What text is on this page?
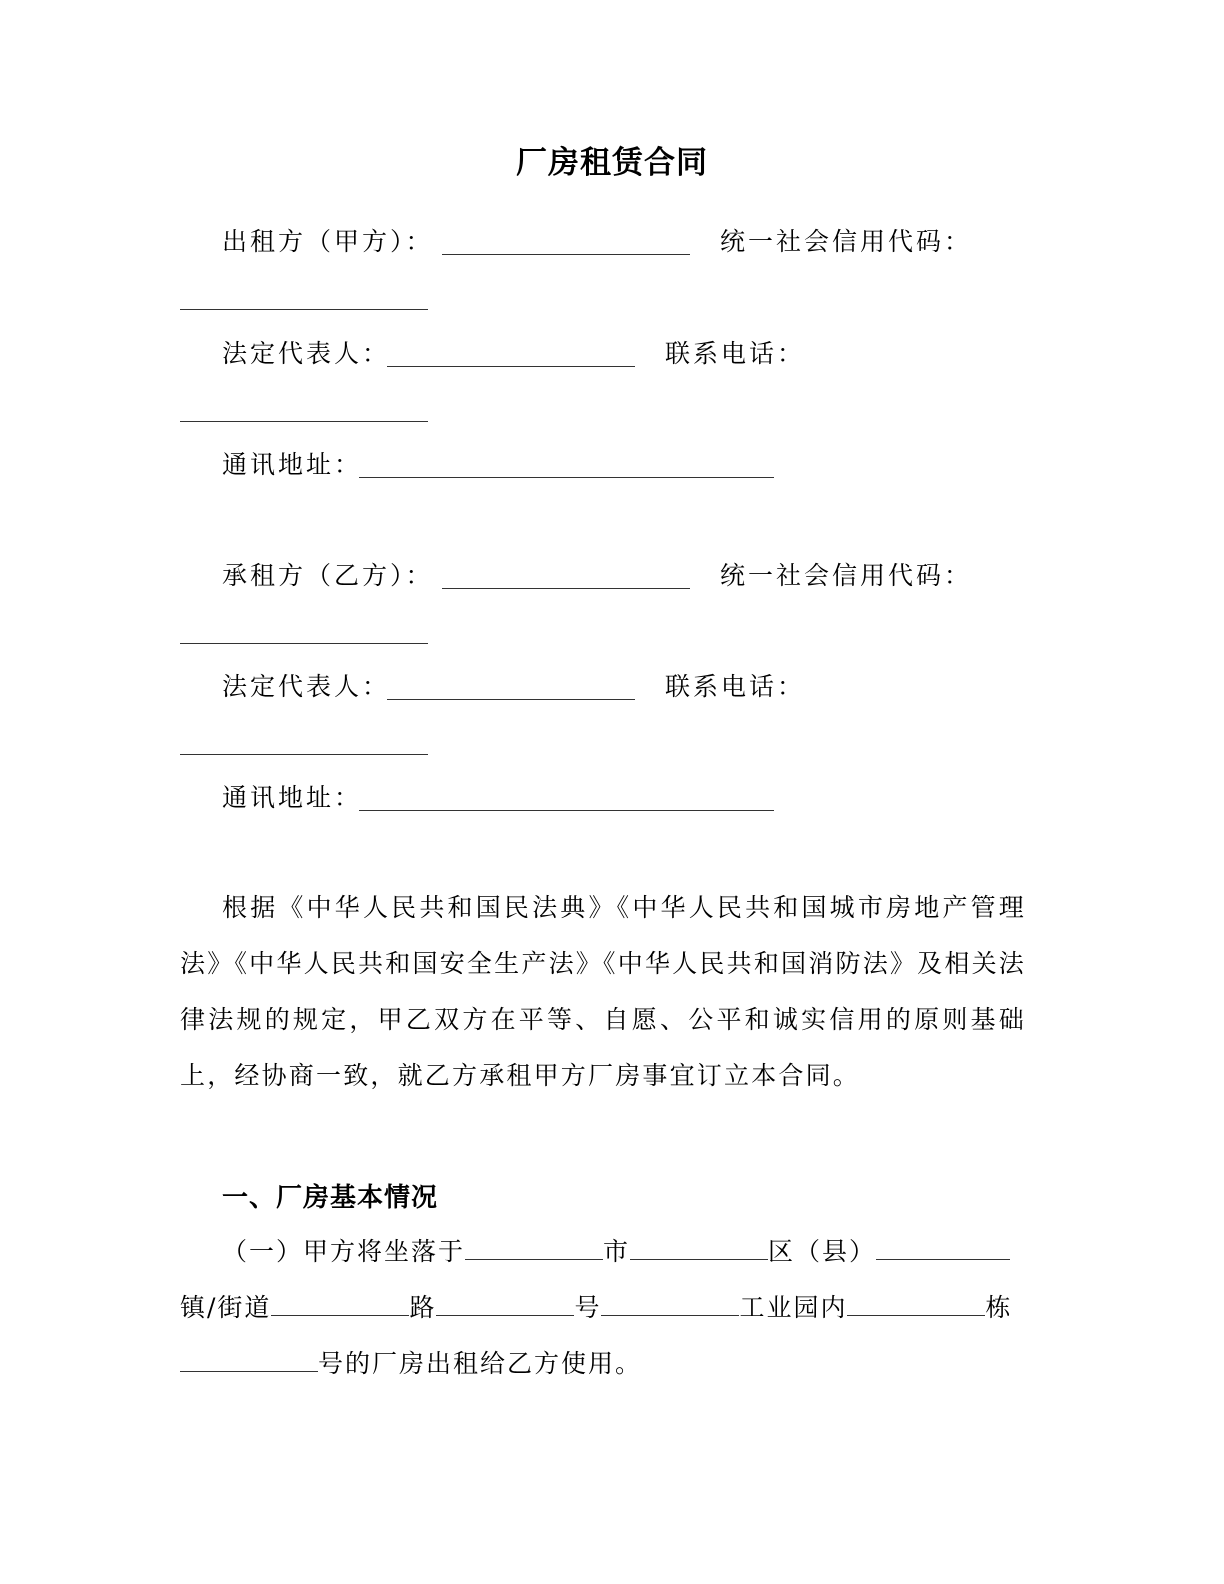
厂房租赁合同
出租方（甲方）：	统一社会信用代码：
法定代表人：	联系电话：
通讯地址：
承租方（乙方）：	统一社会信用代码：
法定代表人：	联系电话：
通讯地址：
根据《中华人民共和国民法典》《中华人民共和国城市房地产管理法》《中华人民共和国安全生产法》《中华人民共和国消防法》及相关法律法规的规定，甲乙双方在平等、自愿、公平和诚实信用的原则基础上，经协商一致，就乙方承租甲方厂房事宜订立本合同。
一、厂房基本情况
（一）甲方将坐落于	市	区（县）
镇/街道	路	号	工业园内	栋
号的厂房出租给乙方使用。
